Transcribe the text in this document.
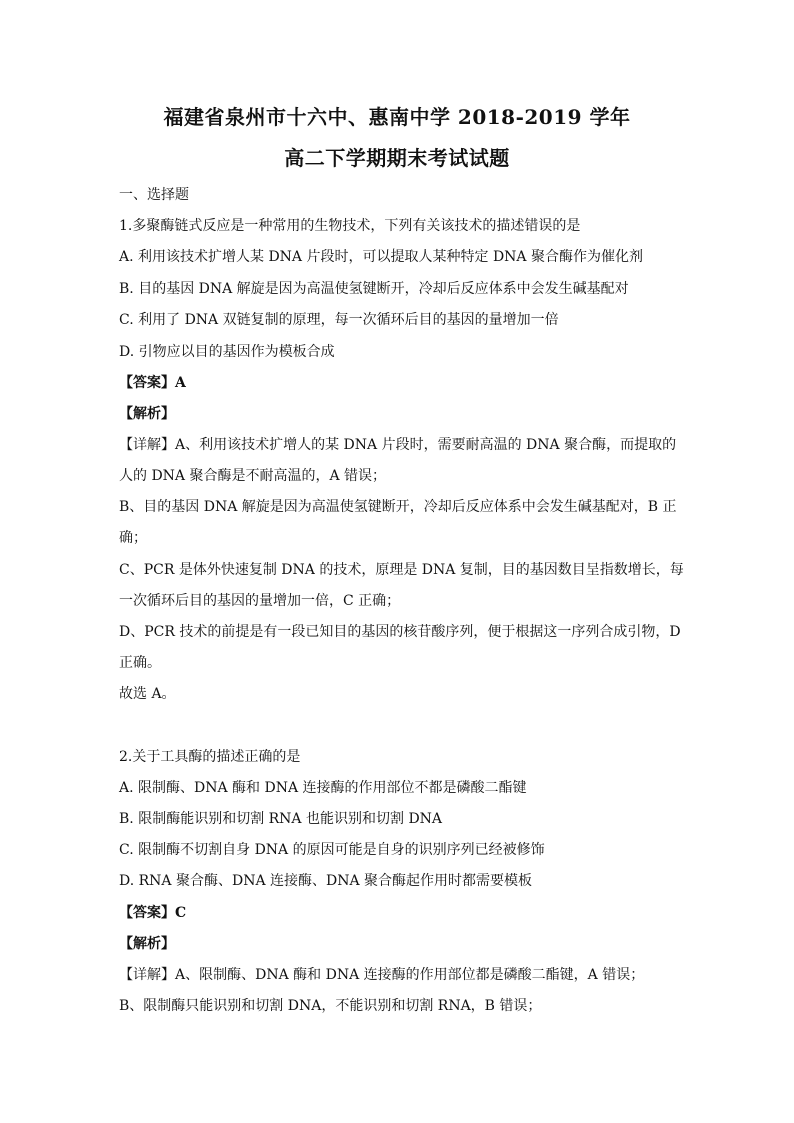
福建省泉州市十六中、惠南中学 2018-2019 学年
高二下学期期末考试试题
一、选择题
1.多聚酶链式反应是一种常用的生物技术，下列有关该技术的描述错误的是
A. 利用该技术扩增人某 DNA 片段时，可以提取人某种特定 DNA 聚合酶作为催化剂
B. 目的基因 DNA 解旋是因为高温使氢键断开，冷却后反应体系中会发生碱基配对
C. 利用了 DNA 双链复制的原理，每一次循环后目的基因的量增加一倍
D. 引物应以目的基因作为模板合成
【答案】A
【解析】
【详解】A、利用该技术扩增人的某 DNA 片段时，需要耐高温的 DNA 聚合酶，而提取的
人的 DNA 聚合酶是不耐高温的，A 错误；
B、目的基因 DNA 解旋是因为高温使氢键断开，冷却后反应体系中会发生碱基配对，B 正
确；
C、PCR 是体外快速复制 DNA 的技术，原理是 DNA 复制，目的基因数目呈指数增长，每
一次循环后目的基因的量增加一倍，C 正确；
D、PCR 技术的前提是有一段已知目的基因的核苷酸序列，便于根据这一序列合成引物，D
正确。
故选 A。
2.关于工具酶的描述正确的是
A. 限制酶、DNA 酶和 DNA 连接酶的作用部位不都是磷酸二酯键
B. 限制酶能识别和切割 RNA 也能识别和切割 DNA
C. 限制酶不切割自身 DNA 的原因可能是自身的识别序列已经被修饰
D. RNA 聚合酶、DNA 连接酶、DNA 聚合酶起作用时都需要模板
【答案】C
【解析】
【详解】A、限制酶、DNA 酶和 DNA 连接酶的作用部位都是磷酸二酯键，A 错误；
B、限制酶只能识别和切割 DNA，不能识别和切割 RNA，B 错误；
